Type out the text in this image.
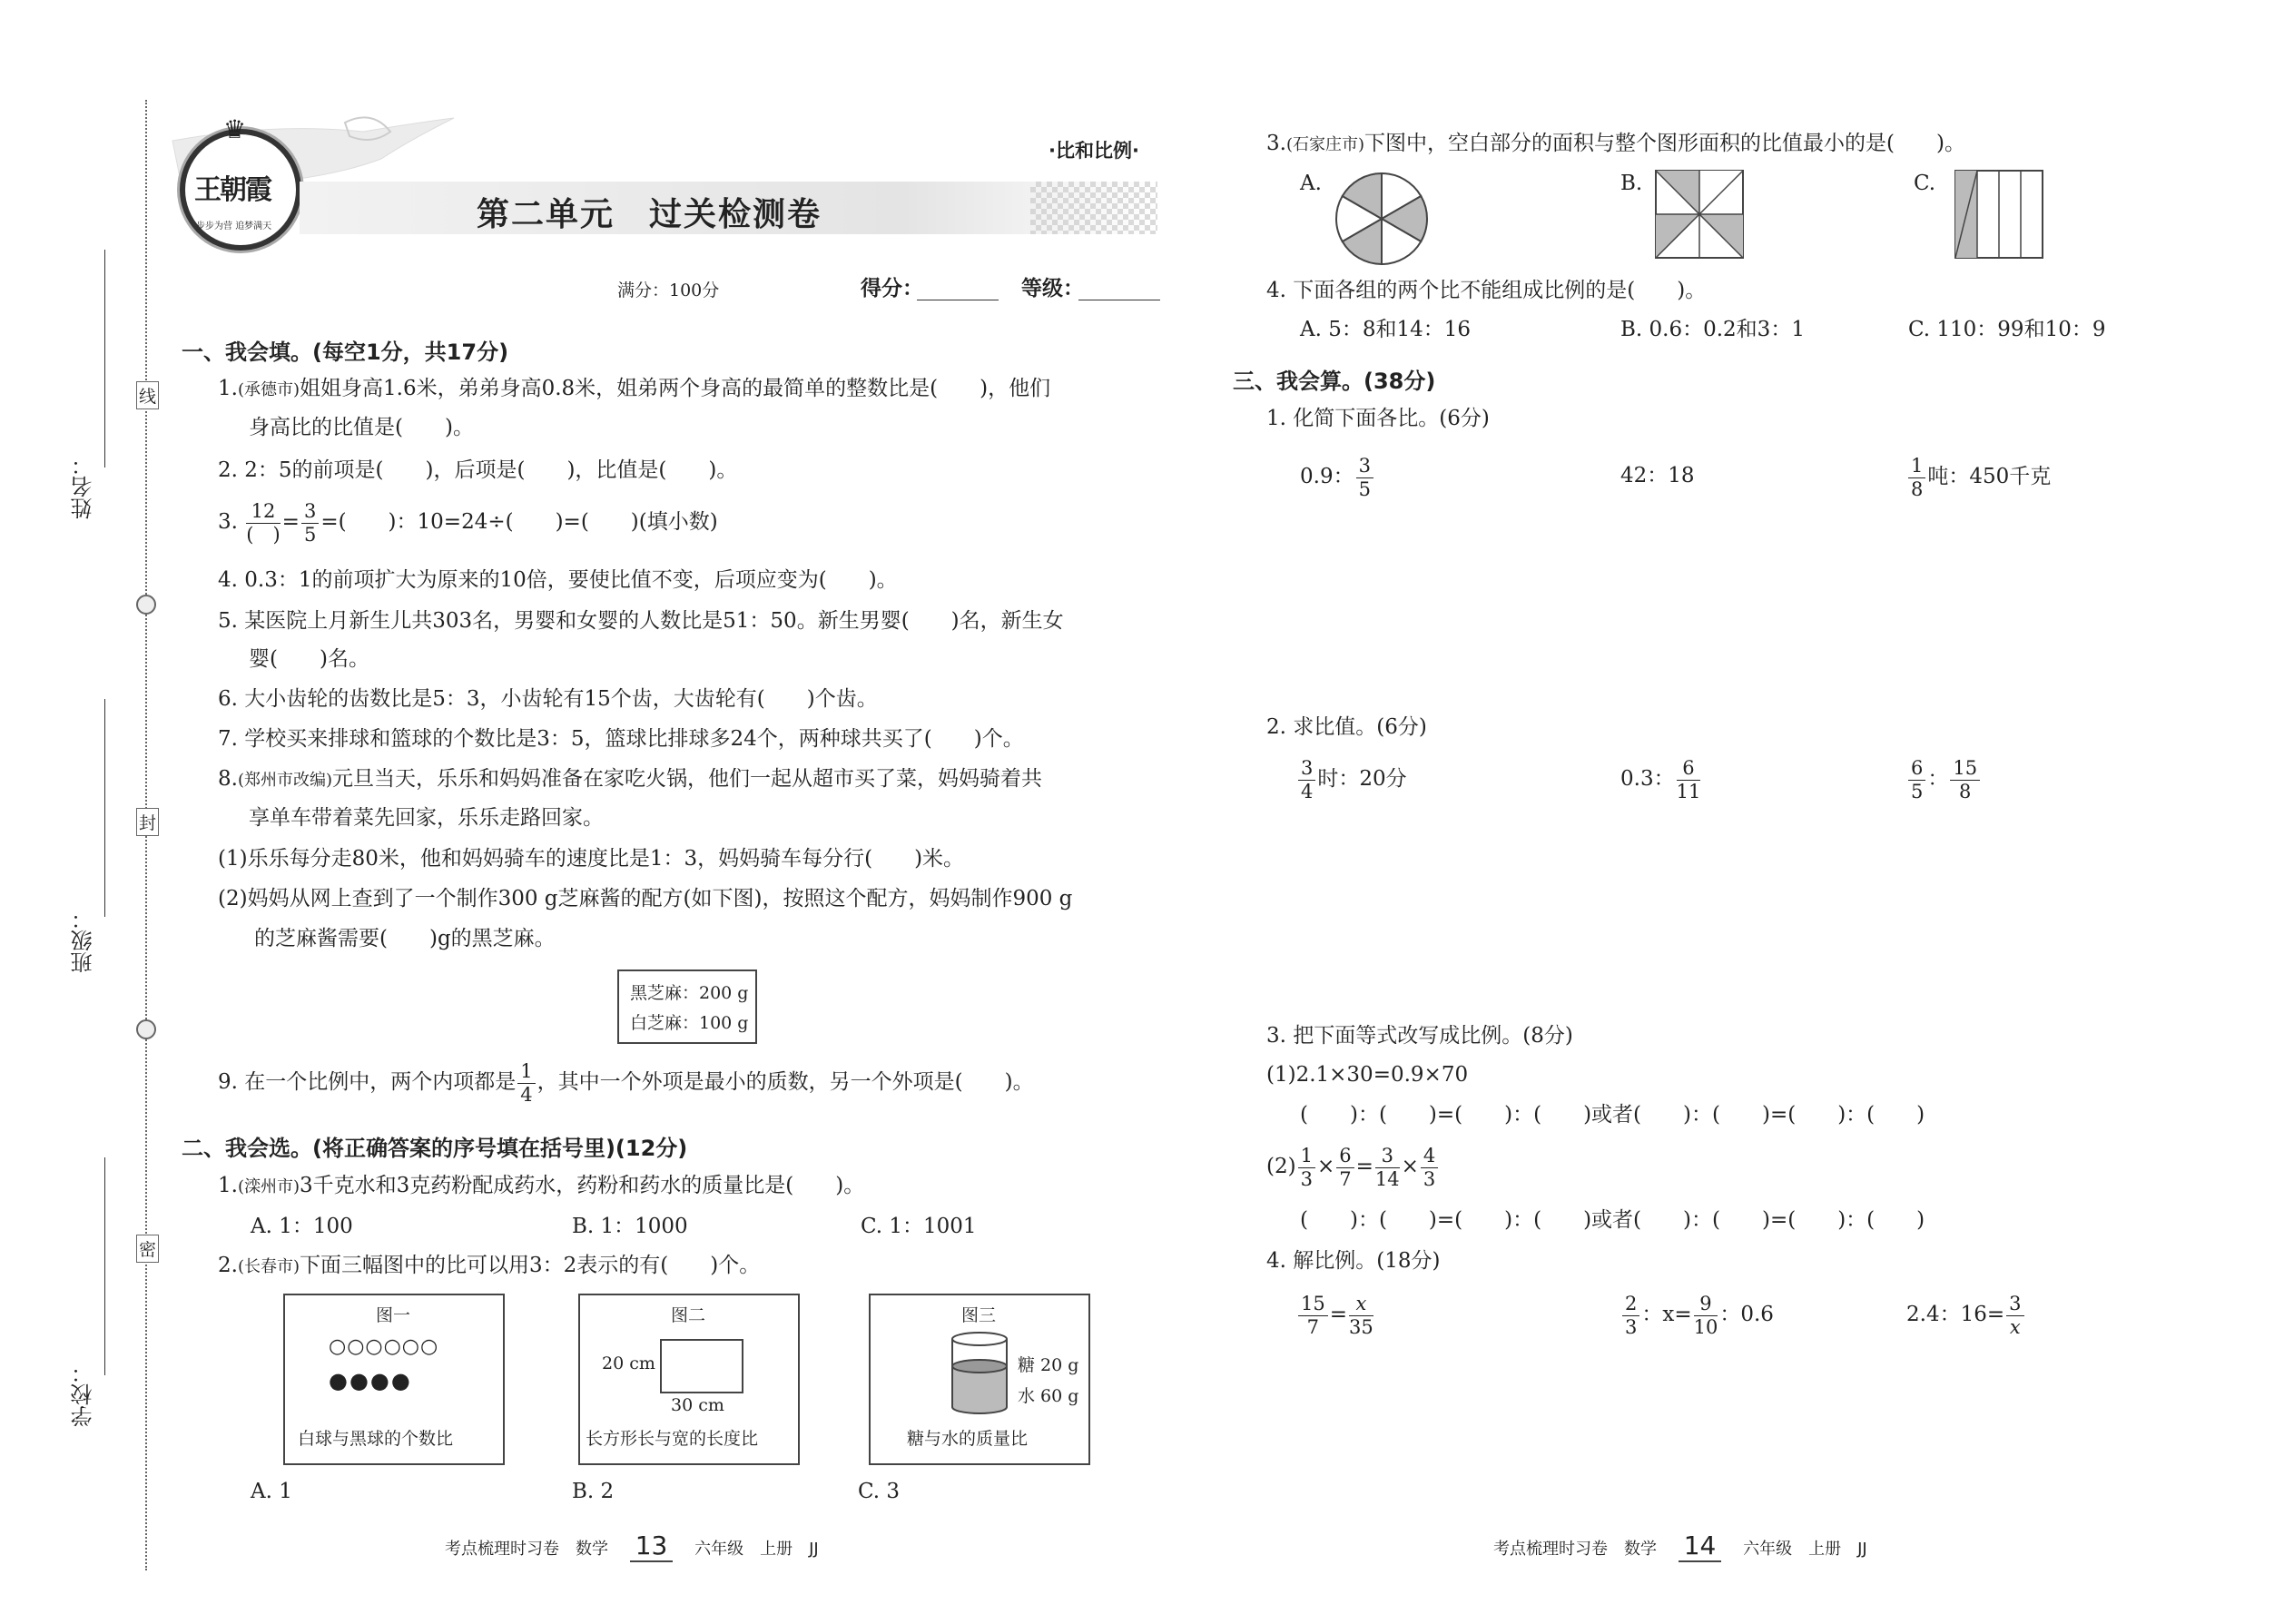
姓名：
班级：
学校：
线
封
密
♛
王朝霞
步步为营 追梦满天	第二单元　过关检测卷
·比和比例·
满分：100分	得分：	等级：
一、我会填。(每空1分，共17分)
1.(承德市)姐姐身高1.6米，弟弟身高0.8米，姐弟两个身高的最简单的整数比是(　　)，他们
身高比的比值是(　　)。
2. 2：5的前项是(　　)，后项是(　　)，比值是(　　)。
3. $\frac{12}{( )} = \frac{3}{5}$ =(　　)：10=24÷(　　)=(　　)(填小数)
4. 0.3：1的前项扩大为原来的10倍，要使比值不变，后项应变为(　　)。
5. 某医院上月新生儿共303名，男婴和女婴的人数比是51：50。新生男婴(　　)名，新生女
婴(　　)名。
6. 大小齿轮的齿数比是5：3，小齿轮有15个齿，大齿轮有(　　)个齿。
7. 学校买来排球和篮球的个数比是3：5，篮球比排球多24个，两种球共买了(　　)个。
8.(郑州市改编)元旦当天，乐乐和妈妈准备在家吃火锅，他们一起从超市买了菜，妈妈骑着共
享单车带着菜先回家，乐乐走路回家。
(1)乐乐每分走80米，他和妈妈骑车的速度比是1：3，妈妈骑车每分行(　　)米。
(2)妈妈从网上查到了一个制作300 g芝麻酱的配方(如下图)，按照这个配方，妈妈制作900 g
的芝麻酱需要(　　)g的黑芝麻。
黑芝麻：200 g
白芝麻：100 g
9. 在一个比例中，两个内项都是 $\frac{1}{4}$ ，其中一个外项是最小的质数，另一个外项是(　　)。
二、我会选。(将正确答案的序号填在括号里)(12分)
1.(滦州市)3千克水和3克药粉配成药水，药粉和药水的质量比是(　　)。
A. 1：100	B. 1：1000	C. 1：1001
2.(长春市)下面三幅图中的比可以用3：2表示的有(　　)个。
图一
○○○○○○
●●●●
白球与黑球的个数比
图二
20 cm
30 cm
长方形长与宽的长度比
图三
糖 20 g
水 60 g
糖与水的质量比
A. 1	B. 2	C. 3
考点梳理时习卷　数学 13 六年级　上册　JJ
3.(石家庄市)下图中，空白部分的面积与整个图形面积的比值最小的是(　　)。
A.	B.	C.
4. 下面各组的两个比不能组成比例的是(　　)。
A. 5：8和14：16	B. 0.6：0.2和3：1	C. 110：99和10：9
三、我会算。(38分)
1. 化简下面各比。(6分)
0.9： $\frac{3}{5}$	42：18	$\frac{1}{8}$ 吨：450千克
2. 求比值。(6分)
$\frac{3}{4}$ 时：20分	0.3： $\frac{6}{11}$	$\frac{6}{5}$ ： $\frac{15}{8}$
3. 把下面等式改写成比例。(8分)
(1)2.1×30=0.9×70
(　　)：(　　)=(　　)：(　　)或者(　　)：(　　)=(　　)：(　　)
$(2) \frac{1}{3} \times \frac{6}{7} = \frac{3}{14} \times \frac{4}{3}$
(　　)：(　　)=(　　)：(　　)或者(　　)：(　　)=(　　)：(　　)
4. 解比例。(18分)
$\frac{15}{7} = \frac{x}{35}$	$\frac{2}{3}$ ：$x= \frac{9}{10}$ ：0.6	2.4：$16= \frac{3}{x}$
考点梳理时习卷　数学 14 六年级　上册　JJ
